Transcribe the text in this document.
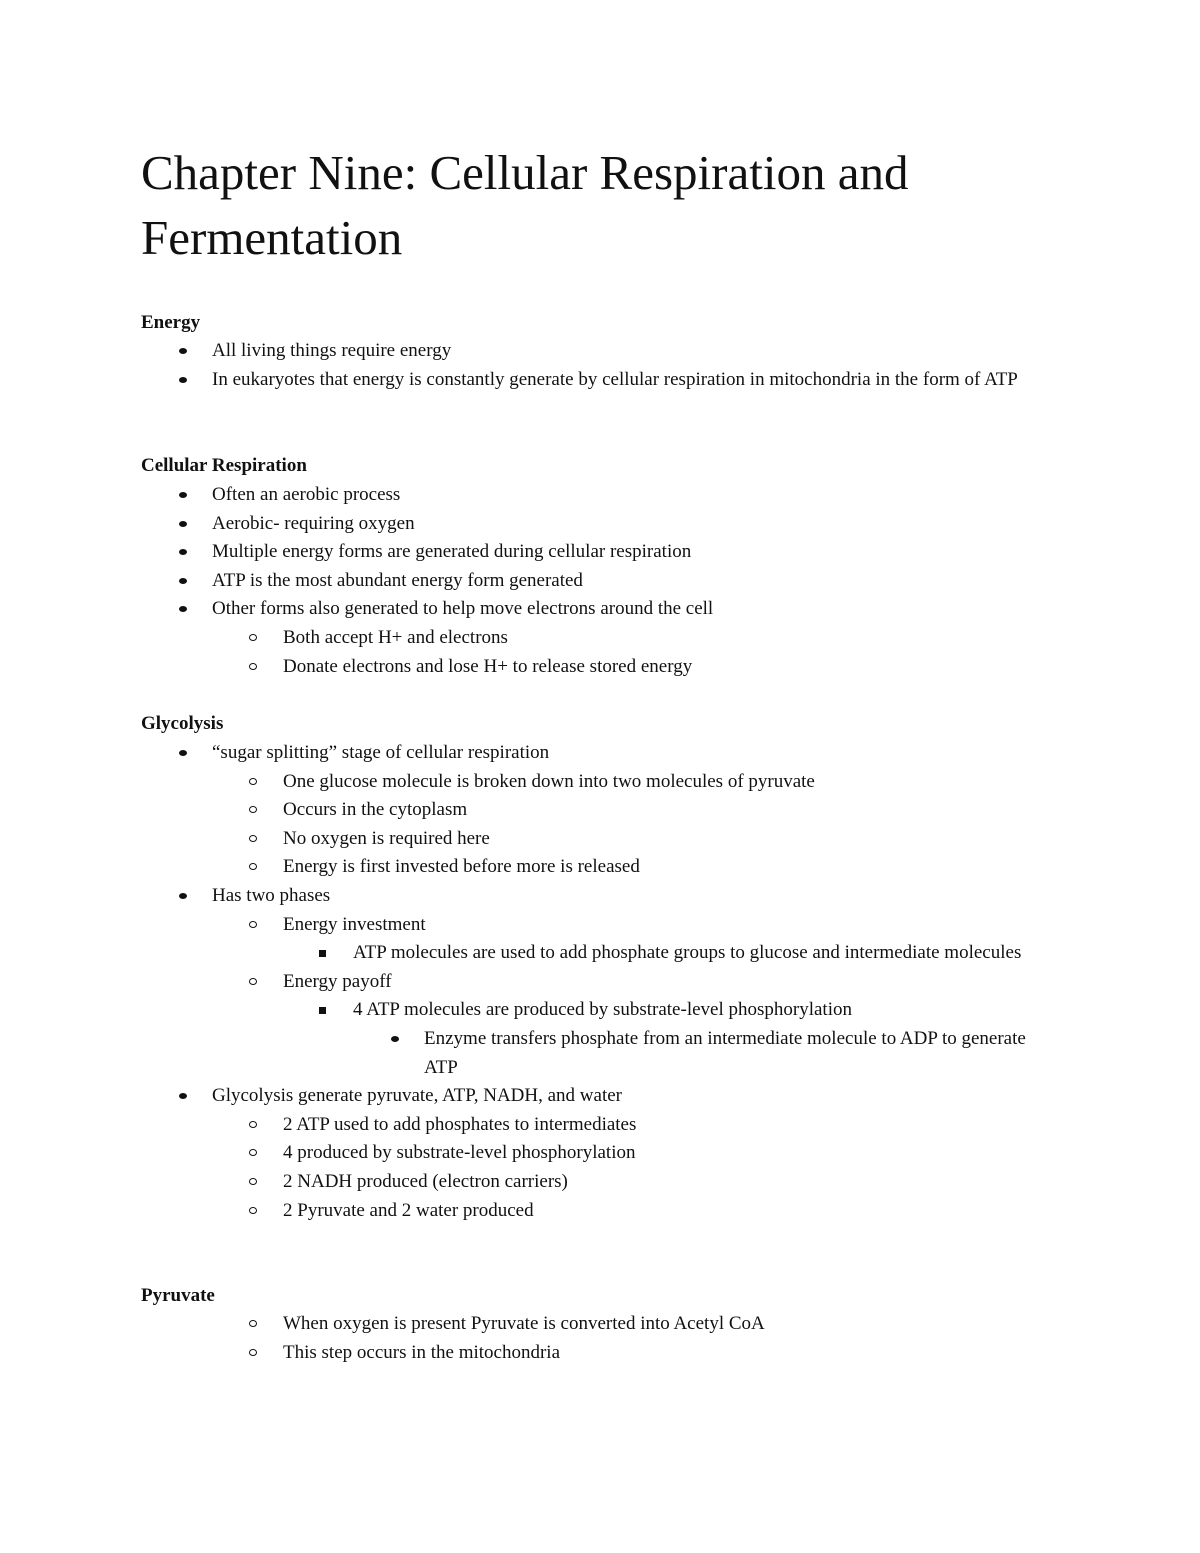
Chapter Nine: Cellular Respiration and Fermentation
Energy
All living things require energy
In eukaryotes that energy is constantly generate by cellular respiration in mitochondria in the form of ATP
Cellular Respiration
Often an aerobic process
Aerobic- requiring oxygen
Multiple energy forms are generated during cellular respiration
ATP is the most abundant energy form generated
Other forms also generated to help move electrons around the cell
Both accept H+ and electrons
Donate electrons and lose H+ to release stored energy
Glycolysis
“sugar splitting” stage of cellular respiration
One glucose molecule is broken down into two molecules of pyruvate
Occurs in the cytoplasm
No oxygen is required here
Energy is first invested before more is released
Has two phases
Energy investment
ATP molecules are used to add phosphate groups to glucose and intermediate molecules
Energy payoff
4 ATP molecules are produced by substrate-level phosphorylation
Enzyme transfers phosphate from an intermediate molecule to ADP to generate ATP
Glycolysis generate pyruvate, ATP, NADH, and water
2 ATP used to add phosphates to intermediates
4 produced by substrate-level phosphorylation
2 NADH produced (electron carriers)
2 Pyruvate and 2 water produced
Pyruvate
When oxygen is present Pyruvate is converted into Acetyl CoA
This step occurs in the mitochondria
